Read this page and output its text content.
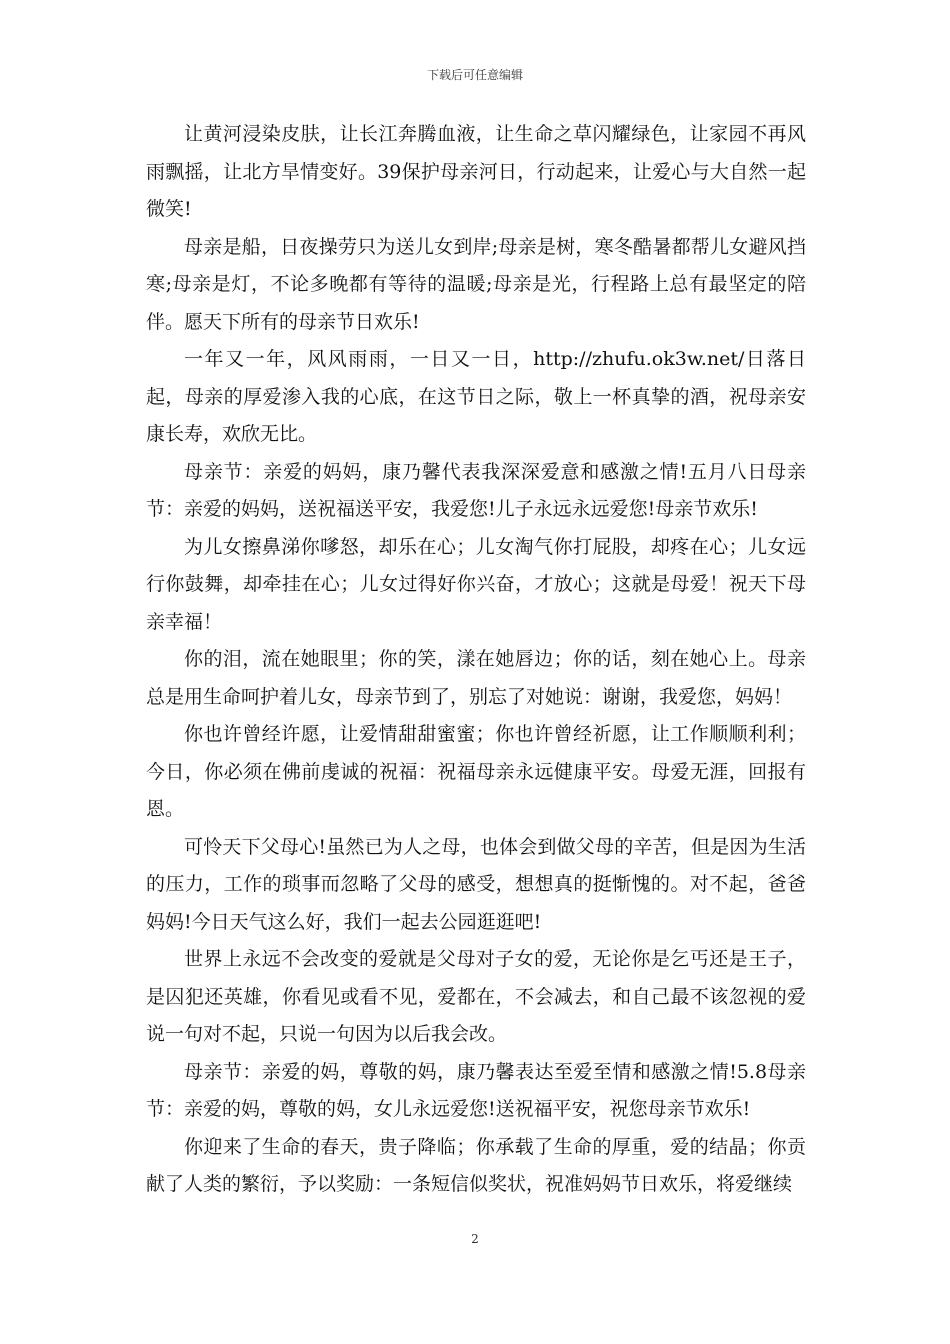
下载后可任意编辑

让黄河浸染皮肤，让长江奔腾血液，让生命之草闪耀绿色，让家园不再风雨飘摇，让北方旱情变好。39保护母亲河日，行动起来，让爱心与大自然一起微笑!

母亲是船，日夜操劳只为送儿女到岸;母亲是树，寒冬酷暑都帮儿女避风挡寒;母亲是灯，不论多晚都有等待的温暖;母亲是光，行程路上总有最坚定的陪伴。愿天下所有的母亲节日欢乐!

一年又一年，风风雨雨，一日又一日，http://zhufu.ok3w.net/日落日起，母亲的厚爱渗入我的心底，在这节日之际，敬上一杯真挚的酒，祝母亲安康长寿，欢欣无比。

母亲节：亲爱的妈妈，康乃馨代表我深深爱意和感激之情!五月八日母亲节：亲爱的妈妈，送祝福送平安，我爱您!儿子永远永远爱您!母亲节欢乐!

为儿女擦鼻涕你嗲怒，却乐在心；儿女淘气你打屁股，却疼在心；儿女远行你鼓舞，却牵挂在心；儿女过得好你兴奋，才放心；这就是母爱！祝天下母亲幸福！

你的泪，流在她眼里；你的笑，漾在她唇边；你的话，刻在她心上。母亲总是用生命呵护着儿女，母亲节到了，别忘了对她说：谢谢，我爱您，妈妈！

你也许曾经许愿，让爱情甜甜蜜蜜；你也许曾经祈愿，让工作顺顺利利；今日，你必须在佛前虔诚的祝福：祝福母亲永远健康平安。母爱无涯，回报有恩。

可怜天下父母心!虽然已为人之母，也体会到做父母的辛苦，但是因为生活的压力，工作的琐事而忽略了父母的感受，想想真的挺惭愧的。对不起，爸爸妈妈!今日天气这么好，我们一起去公园逛逛吧!

世界上永远不会改变的爱就是父母对子女的爱，无论你是乞丐还是王子，是囚犯还英雄，你看见或看不见，爱都在，不会减去，和自己最不该忽视的爱说一句对不起，只说一句因为以后我会改。

母亲节：亲爱的妈，尊敬的妈，康乃馨表达至爱至情和感激之情!5.8母亲节：亲爱的妈，尊敬的妈，女儿永远爱您!送祝福平安，祝您母亲节欢乐!

你迎来了生命的春天，贵子降临；你承载了生命的厚重，爱的结晶；你贡献了人类的繁衍，予以奖励：一条短信似奖状，祝准妈妈节日欢乐，将爱继续

2
